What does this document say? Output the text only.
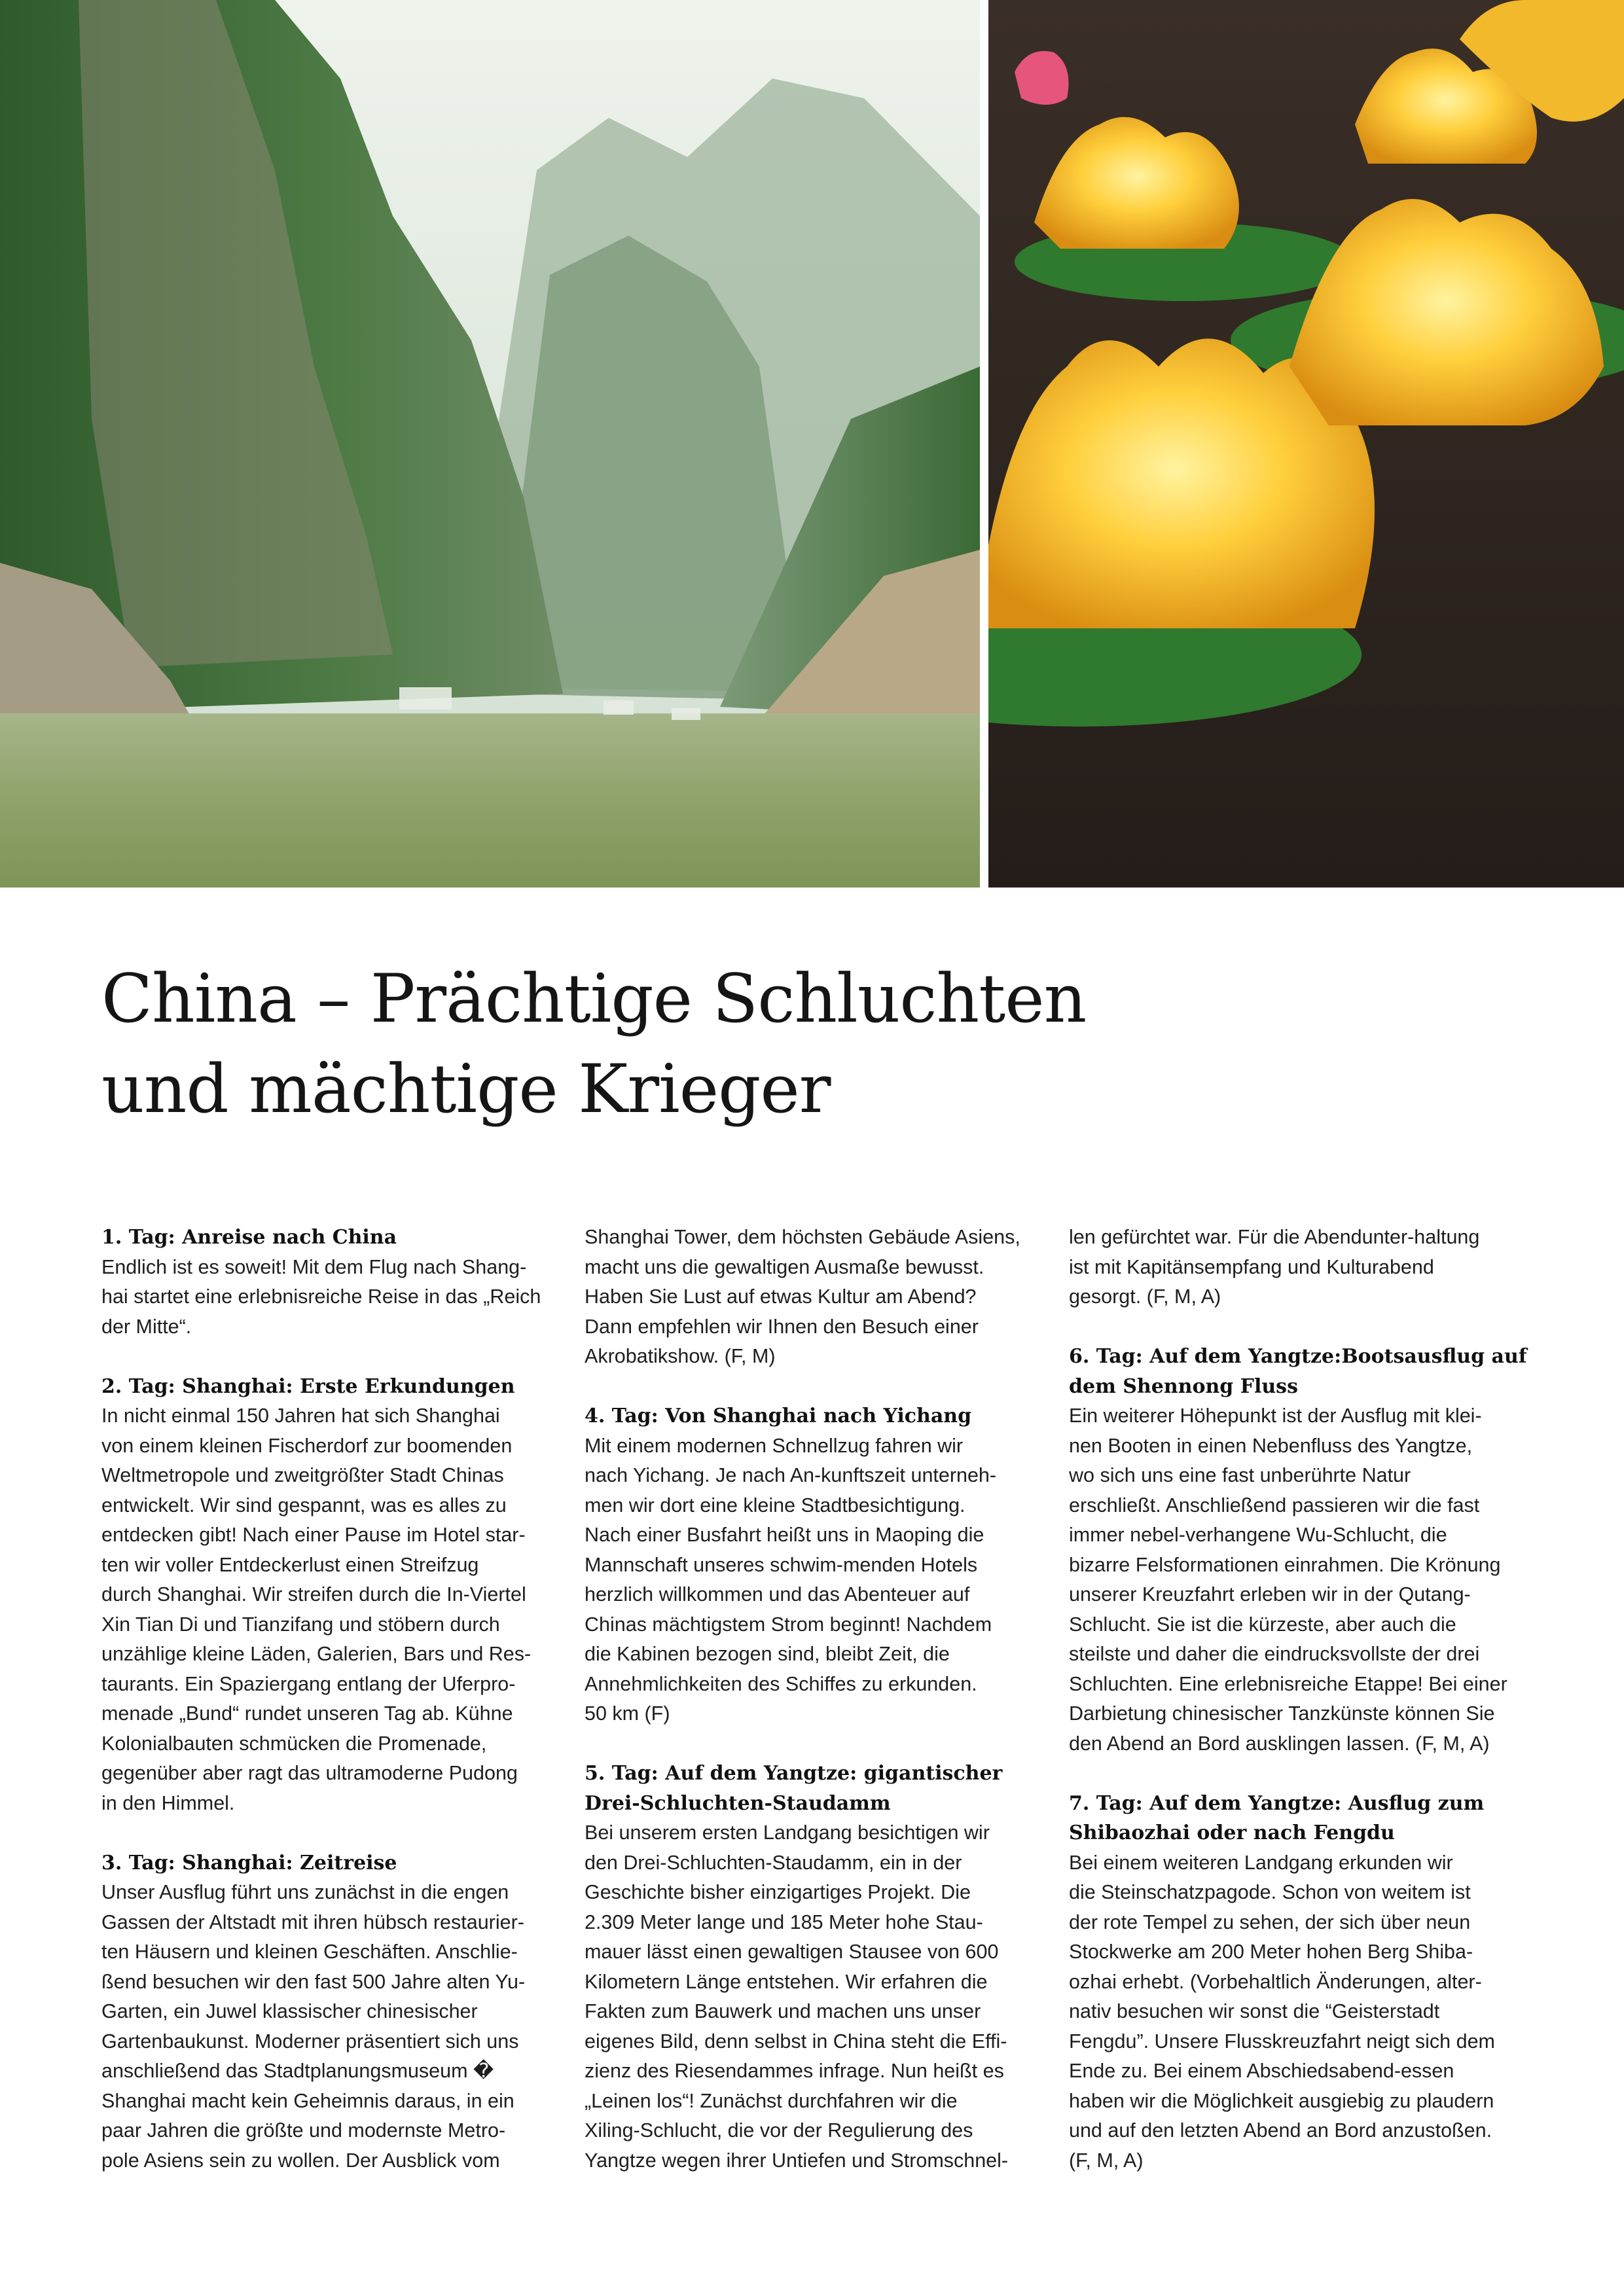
China – Prächtige Schluchten
und mächtige Krieger
1. Tag: Anreise nach China
Endlich ist es soweit! Mit dem Flug nach Shang-
hai startet eine erlebnisreiche Reise in das „Reich
der Mitte“.
2. Tag: Shanghai: Erste Erkundungen
In nicht einmal 150 Jahren hat sich Shanghai
von einem kleinen Fischerdorf zur boomenden
Weltmetropole und zweitgrößter Stadt Chinas
entwickelt. Wir sind gespannt, was es alles zu
entdecken gibt! Nach einer Pause im Hotel star-
ten wir voller Entdeckerlust einen Streifzug
durch Shanghai. Wir streifen durch die In-Viertel
Xin Tian Di und Tianzifang und stöbern durch
unzählige kleine Läden, Galerien, Bars und Res-
taurants. Ein Spaziergang entlang der Uferpro-
menade „Bund“ rundet unseren Tag ab. Kühne
Kolonialbauten schmücken die Promenade,
gegenüber aber ragt das ultramoderne Pudong
in den Himmel.
3. Tag: Shanghai: Zeitreise
Unser Ausflug führt uns zunächst in die engen
Gassen der Altstadt mit ihren hübsch restaurier-
ten Häusern und kleinen Geschäften. Anschlie-
ßend besuchen wir den fast 500 Jahre alten Yu-
Garten, ein Juwel klassischer chinesischer
Gartenbaukunst. Moderner präsentiert sich uns
anschließend das Stadtplanungsmuseum �
Shanghai macht kein Geheimnis daraus, in ein
paar Jahren die größte und modernste Metro-
pole Asiens sein zu wollen. Der Ausblick vom
Shanghai Tower, dem höchsten Gebäude Asiens,
macht uns die gewaltigen Ausmaße bewusst.
Haben Sie Lust auf etwas Kultur am Abend?
Dann empfehlen wir Ihnen den Besuch einer
Akrobatikshow. (F, M)
4. Tag: Von Shanghai nach Yichang
Mit einem modernen Schnellzug fahren wir
nach Yichang. Je nach An-kunftszeit unterneh-
men wir dort eine kleine Stadtbesichtigung.
Nach einer Busfahrt heißt uns in Maoping die
Mannschaft unseres schwim-menden Hotels
herzlich willkommen und das Abenteuer auf
Chinas mächtigstem Strom beginnt! Nachdem
die Kabinen bezogen sind, bleibt Zeit, die
Annehmlichkeiten des Schiffes zu erkunden.
50 km (F)
5. Tag: Auf dem Yangtze: gigantischer
Drei-Schluchten-Staudamm
Bei unserem ersten Landgang besichtigen wir
den Drei-Schluchten-Staudamm, ein in der
Geschichte bisher einzigartiges Projekt. Die
2.309 Meter lange und 185 Meter hohe Stau-
mauer lässt einen gewaltigen Stausee von 600
Kilometern Länge entstehen. Wir erfahren die
Fakten zum Bauwerk und machen uns unser
eigenes Bild, denn selbst in China steht die Effi-
zienz des Riesendammes infrage. Nun heißt es
„Leinen los“! Zunächst durchfahren wir die
Xiling-Schlucht, die vor der Regulierung des
Yangtze wegen ihrer Untiefen und Stromschnel-
len gefürchtet war. Für die Abendunter-haltung
ist mit Kapitänsempfang und Kulturabend
gesorgt. (F, M, A)
6. Tag: Auf dem Yangtze:Bootsausflug auf
dem Shennong Fluss
Ein weiterer Höhepunkt ist der Ausflug mit klei-
nen Booten in einen Nebenfluss des Yangtze,
wo sich uns eine fast unberührte Natur
erschließt. Anschließend passieren wir die fast
immer nebel-verhangene Wu-Schlucht, die
bizarre Felsformationen einrahmen. Die Krönung
unserer Kreuzfahrt erleben wir in der Qutang-
Schlucht. Sie ist die kürzeste, aber auch die
steilste und daher die eindrucksvollste der drei
Schluchten. Eine erlebnisreiche Etappe! Bei einer
Darbietung chinesischer Tanzkünste können Sie
den Abend an Bord ausklingen lassen. (F, M, A)
7. Tag: Auf dem Yangtze: Ausflug zum
Shibaozhai oder nach Fengdu
Bei einem weiteren Landgang erkunden wir
die Steinschatzpagode. Schon von weitem ist
der rote Tempel zu sehen, der sich über neun
Stockwerke am 200 Meter hohen Berg Shiba-
ozhai erhebt. (Vorbehaltlich Änderungen, alter-
nativ besuchen wir sonst die “Geisterstadt
Fengdu”. Unsere Flusskreuzfahrt neigt sich dem
Ende zu. Bei einem Abschiedsabend-essen
haben wir die Möglichkeit ausgiebig zu plaudern
und auf den letzten Abend an Bord anzustoßen.
(F, M, A)
